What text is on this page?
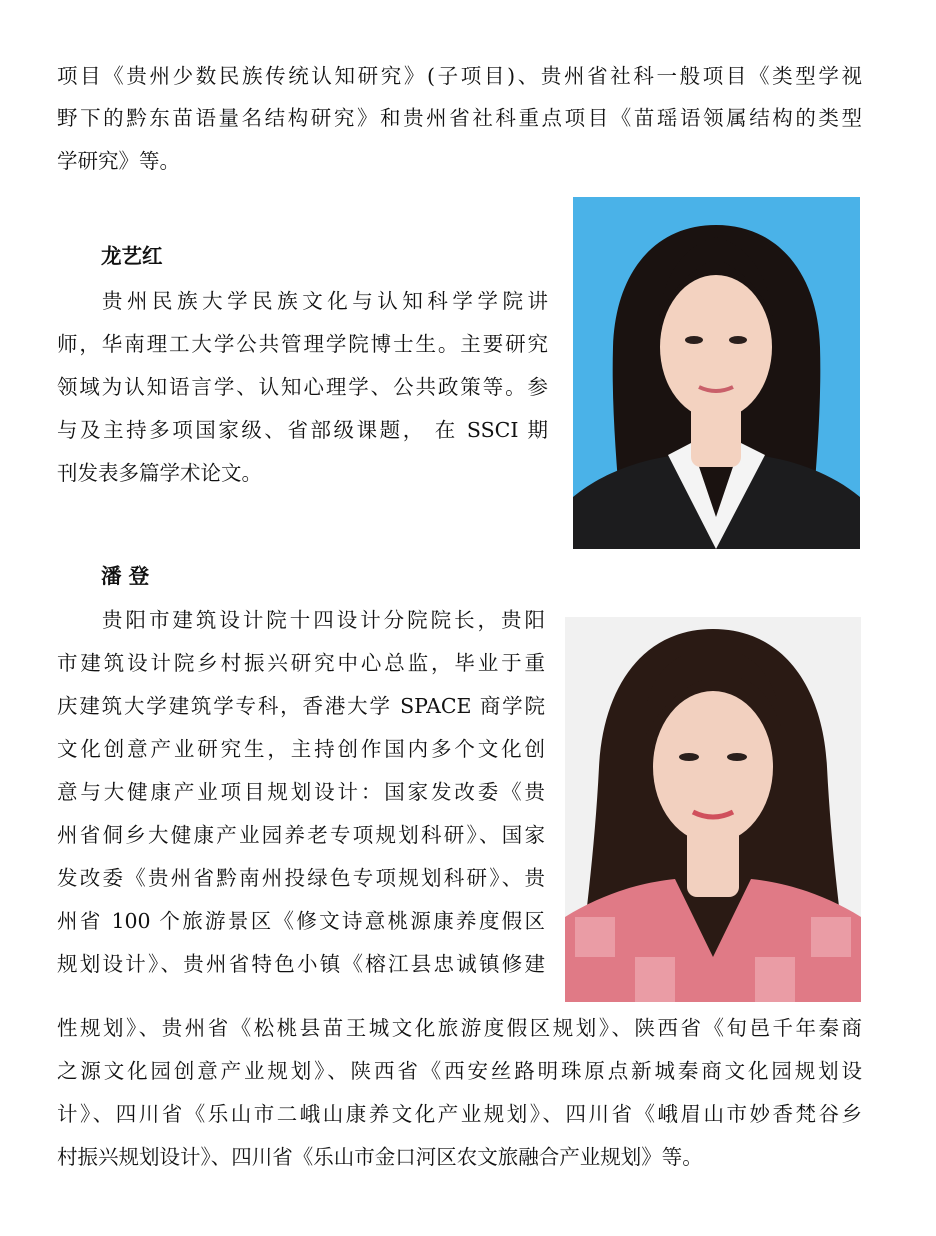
项目《贵州少数民族传统认知研究》(子项目)、贵州省社科一般项目《类型学视

野下的黔东苗语量名结构研究》和贵州省社科重点项目《苗瑶语领属结构的类型

学研究》等。

龙艺红

贵州民族大学民族文化与认知科学学院讲

师，华南理工大学公共管理学院博士生。主要研究

领域为认知语言学、认知心理学、公共政策等。参

与及主持多项国家级、省部级课题， 在 SSCI 期

刊发表多篇学术论文。

潘 登

贵阳市建筑设计院十四设计分院院长，贵阳

市建筑设计院乡村振兴研究中心总监，毕业于重

庆建筑大学建筑学专科，香港大学 SPACE 商学院

文化创意产业研究生，主持创作国内多个文化创

意与大健康产业项目规划设计：国家发改委《贵

州省侗乡大健康产业园养老专项规划科研》、国家

发改委《贵州省黔南州投绿色专项规划科研》、贵

州省 100 个旅游景区《修文诗意桃源康养度假区

规划设计》、贵州省特色小镇《榕江县忠诚镇修建

性规划》、贵州省《松桃县苗王城文化旅游度假区规划》、陕西省《旬邑千年秦商

之源文化园创意产业规划》、陕西省《西安丝路明珠原点新城秦商文化园规划设

计》、四川省《乐山市二峨山康养文化产业规划》、四川省《峨眉山市妙香梵谷乡

村振兴规划设计》、四川省《乐山市金口河区农文旅融合产业规划》等。
